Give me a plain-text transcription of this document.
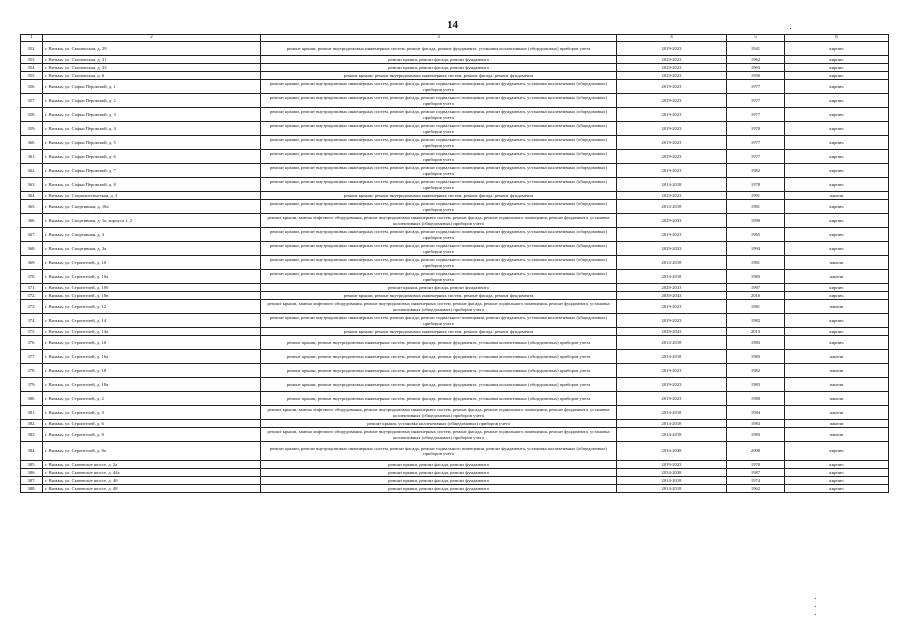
14
1	2	3	4	5	6
352.	г. Вязьма, ул. Смоленская, д. 29	ремонт крыши, ремонт внутридомовых инженерных систем, ремонт фасада, ремонт фундамента, установка коллективных (общедомовых) приборов учета	2019-2023	1941	кирпич
353.	г. Вязьма, ул. Смоленская, д. 31	ремонт крыши, ремонт фасада, ремонт фундамента	2019-2023	1962	кирпич
354.	г. Вязьма, ул. Смоленская, д. 33	ремонт крыши, ремонт фасада, ремонт фундамента	2019-2023	1963	кирпич
355.	г. Вязьма, ул. Смоленская, д. 6	ремонт крыши, ремонт внутридомовых инженерных систем, ремонт фасада, ремонт фундамента	2019-2023	1956	кирпич
356.	г. Вязьма, ул. Софьи Перовской, д. 1	ремонт крыши, ремонт внутридомовых инженерных систем, ремонт фасада, ремонт подвального помещения, ремонт фундамента, установка коллективных (общедомовых) приборов учета	2019-2023	1977	кирпич
357.	г. Вязьма, ул. Софьи Перовской, д. 2	ремонт крыши, ремонт внутридомовых инженерных систем, ремонт фасада, ремонт подвального помещения, ремонт фундамента, установка коллективных (общедомовых) приборов учета	2019-2023	1977	кирпич
358.	г. Вязьма, ул. Софьи Перовской, д. 3	ремонт крыши, ремонт внутридомовых инженерных систем, ремонт фасада, ремонт подвального помещения, ремонт фундамента, установка коллективных (общедомовых) приборов учета	2019-2023	1977	кирпич
359.	г. Вязьма, ул. Софьи Перовской, д. 4	ремонт крыши, ремонт внутридомовых инженерных систем, ремонт фасада, ремонт подвального помещения, ремонт фундамента, установка коллективных (общедомовых) приборов учета	2019-2023	1970	кирпич
360.	г. Вязьма, ул. Софьи Перовской, д. 5	ремонт крыши, ремонт внутридомовых инженерных систем, ремонт фасада, ремонт подвального помещения, ремонт фундамента, установка коллективных (общедомовых) приборов учета	2019-2023	1977	кирпич
361.	г. Вязьма, ул. Софьи Перовской, д. 6	ремонт крыши, ремонт внутридомовых инженерных систем, ремонт фасада, ремонт подвального помещения, ремонт фундамента, установка коллективных (общедомовых) приборов учета	2019-2023	1977	кирпич
362.	г. Вязьма, ул. Софьи Перовской, д. 7	ремонт крыши, ремонт внутридомовых инженерных систем, ремонт фасада, ремонт подвального помещения, ремонт фундамента, установка коллективных (общедомовых) приборов учета	2019-2023	1982	кирпич
363.	г. Вязьма, ул. Софьи Перовской, д. 8	ремонт крыши, ремонт внутридомовых инженерных систем, ремонт фасада, ремонт подвального помещения, ремонт фундамента, установка коллективных (общедомовых) приборов учета	2014-2018	1978	кирпич
364.	г. Вязьма, ул. Социалистическая, д. 3	ремонт крыши, ремонт внутридомовых инженерных систем, ремонт фасада, ремонт фундамента	2019-2023	1991	панели
365.	г. Вязьма, ул. Спортивная, д. 18а	ремонт крыши, ремонт внутридомовых инженерных систем, ремонт фасада, ремонт подвального помещения, ремонт фундамента, установка коллективных (общедомовых) приборов учета	2014-2018	1981	кирпич
366.	г. Вязьма, ул. Спортивная, д. 1а, корпуса 1, 2	ремонт крыши, замена лифтового оборудования, ремонт внутридомовых инженерных систем, ремонт фасада, ремонт подвального помещения, ремонт фундамента, установка коллективных (общедомовых) приборов учета	2029-2033	1990	кирпич
367.	г. Вязьма, ул. Спортивная, д. 3	ремонт крыши, ремонт внутридомовых инженерных систем, ремонт фасада, ремонт подвального помещения, ремонт фундамента, установка коллективных (общедомовых) приборов учета	2019-2023	1965	кирпич
368.	г. Вязьма, ул. Спортивная, д. 3а	ремонт крыши, ремонт внутридомовых инженерных систем, ремонт фасада, ремонт подвального помещения, ремонт фундамента, установка коллективных (общедомовых) приборов учета	2029-2033	1994	кирпич
369.	г. Вязьма, ул. Строителей, д. 10	ремонт крыши, ремонт внутридомовых инженерных систем, ремонт фасада, ремонт подвального помещения, ремонт фундамента, установка коллективных (общедомовых) приборов учета	2014-2018	1981	панели
370.	г. Вязьма, ул. Строителей, д. 10а	ремонт крыши, ремонт внутридомовых инженерных систем, ремонт фасада, ремонт подвального помещения, ремонт фундамента, установка коллективных (общедомовых) приборов учета	2014-2018	1983	панели
371.	г. Вязьма, ул. Строителей, д. 10б	ремонт крыши, ремонт фасада, ремонт фундамента	2029-2033	1997	кирпич
372.	г. Вязьма, ул. Строителей, д. 10в	ремонт крыши, ремонт внутридомовых инженерных систем, ремонт фасада, ремонт фундамента	2039-2043	2010	кирпич
373.	г. Вязьма, ул. Строителей, д. 12	ремонт крыши, замена лифтового оборудования, ремонт внутридомовых инженерных систем, ремонт фасада, ремонт подвального помещения, ремонт фундамента, установка коллективных (общедомовых) приборов учета	2019-2023	1981	панели
374.	г. Вязьма, ул. Строителей, д. 14	ремонт крыши, ремонт внутридомовых инженерных систем, ремонт фасада, ремонт подвального помещения, ремонт фундамента, установка коллективных (общедомовых) приборов учета	2019-2023	1982	кирпич
375.	г. Вязьма, ул. Строителей, д. 14а	ремонт крыши, ремонт внутридомовых инженерных систем, ремонт фасада, ремонт фундамента	2039-2043	2013	кирпич
376.	г. Вязьма, ул. Строителей, д. 16	ремонт крыши, ремонт внутридомовых инженерных систем, ремонт фасада, ремонт фундамента, установка коллективных (общедомовых) приборов учета	2014-2018	1983	кирпич
377.	г. Вязьма, ул. Строителей, д. 16а	ремонт крыши, ремонт внутридомовых инженерных систем, ремонт фасада, ремонт фундамента, установка коллективных (общедомовых) приборов учета	2014-2018	1983	панели
378.	г. Вязьма, ул. Строителей, д. 18	ремонт крыши, ремонт внутридомовых инженерных систем, ремонт фасада, ремонт фундамента, установка коллективных (общедомовых) приборов учета	2019-2023	1982	панели
379.	г. Вязьма, ул. Строителей, д. 18а	ремонт крыши, ремонт внутридомовых инженерных систем, ремонт фасада, ремонт фундамента, установка коллективных (общедомовых) приборов учета	2019-2023	1983	панели
380.	г. Вязьма, ул. Строителей, д. 2	ремонт крыши, ремонт внутридомовых инженерных систем, ремонт фасада, ремонт фундамента, установка коллективных (общедомовых) приборов учета	2019-2023	1980	панели
381.	г. Вязьма, ул. Строителей, д. 4	ремонт крыши, замена лифтового оборудования, ремонт внутридомовых инженерных систем, ремонт фасада, ремонт подвального помещения, ремонт фундамента, установка коллективных (общедомовых) приборов учета	2014-2018	1984	панели
382.	г. Вязьма, ул. Строителей, д. 6	ремонт крыши, установка коллективных (общедомовых) приборов учета	2014-2018	1983	панели
383.	г. Вязьма, ул. Строителей, д. 8	ремонт крыши, замена лифтового оборудования, ремонт внутридомовых инженерных систем, ремонт фасада, ремонт подвального помещения, ремонт фундамента, установка коллективных (общедомовых) приборов учета	2014-2018	1983	панели
384.	г. Вязьма, ул. Строителей, д. 8а	ремонт крыши, ремонт внутридомовых инженерных систем, ремонт фасада, ремонт подвального помещения, ремонт фундамента, установка коллективных (общедомовых) приборов учета	2034-2038	2008	кирпич
385.	г. Вязьма, ул. Сычевское шоссе, д. 2а	ремонт крыши, ремонт фасада, ремонт фундамента	2019-2023	1970	кирпич
386.	г. Вязьма, ул. Сычевское шоссе, д. 44а	ремонт крыши, ремонт фасада, ремонт фундамента	2034-2038	1987	кирпич
387.	г. Вязьма, ул. Сычевское шоссе, д. 46	ремонт крыши, ремонт фасада, ремонт фундамента	2014-2018	1974	кирпич
388.	г. Вязьма, ул. Сычевское шоссе, д. 48	ремонт крыши, ремонт фасада, ремонт фундамента	2014-2018	1962	кирпич
